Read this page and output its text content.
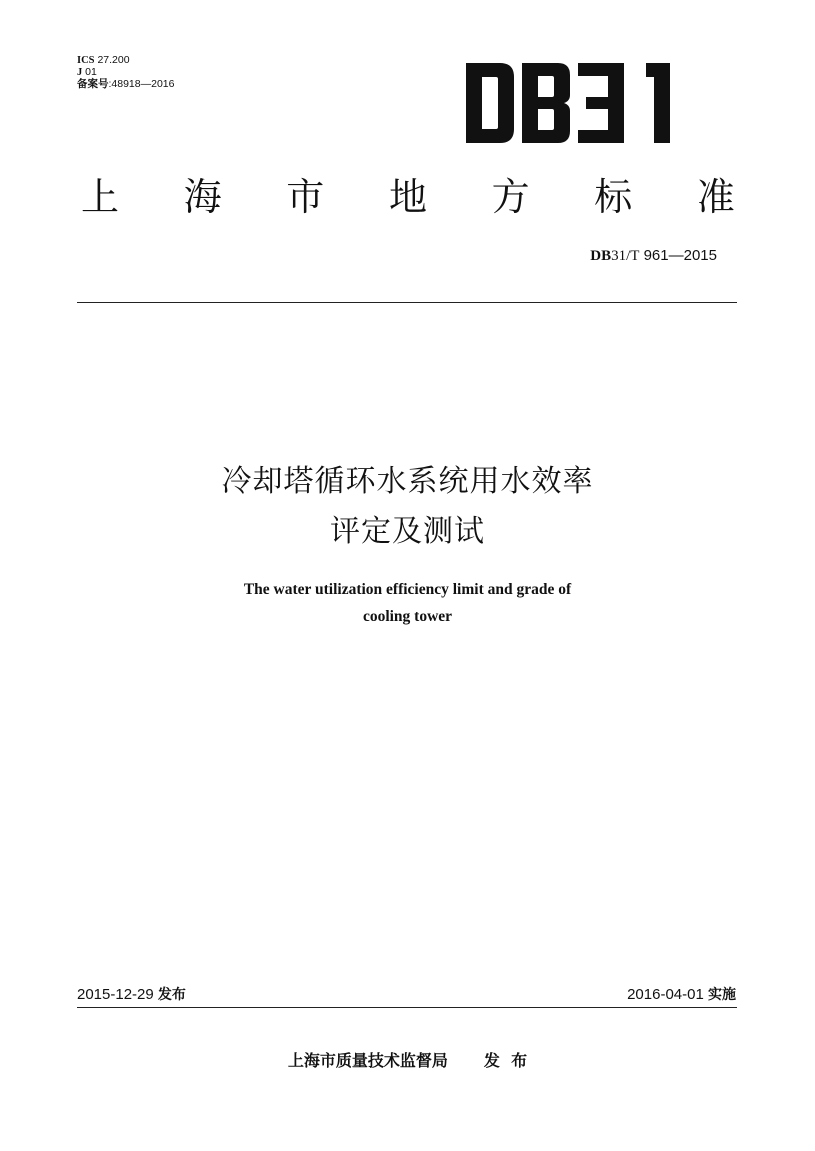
ICS 27.200
J 01
备案号:48918—2016
上 海 市 地 方 标 准
DB31/T 961—2015
冷却塔循环水系统用水效率
评定及测试
The water utilization efficiency limit and grade of
cooling tower
2015-12-29 发布	2016-04-01 实施
上海市质量技术监督局 发  布
